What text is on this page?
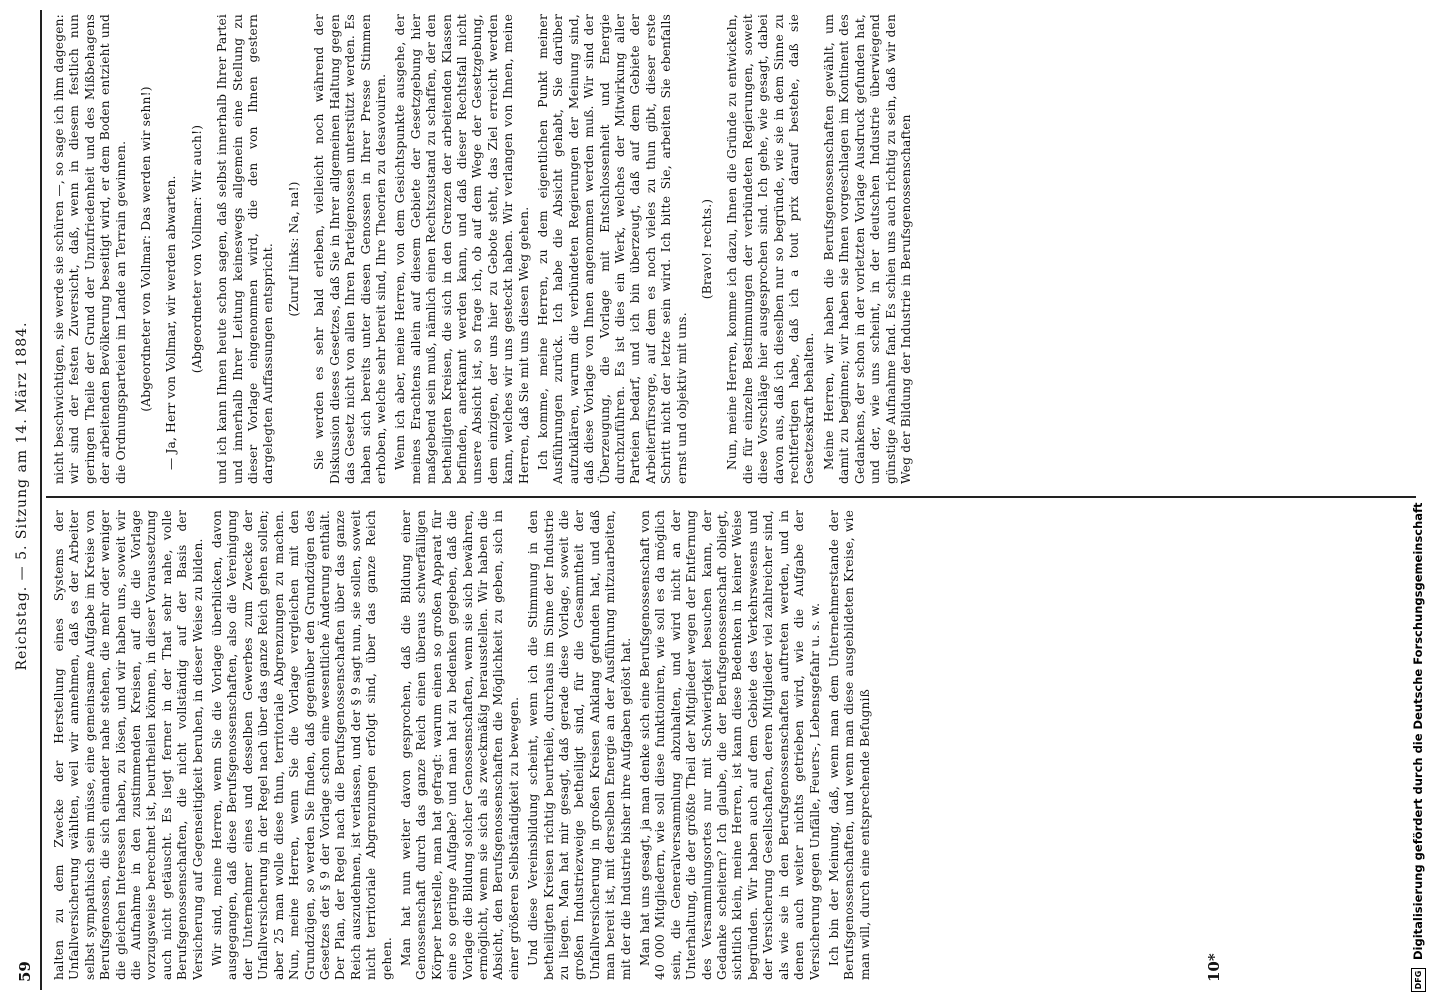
59
Reichstag. — 5. Sitzung am 14. März 1884.

halten zu dem Zwecke der Herstellung eines Systems der Unfallversicherung wählten, weil wir annehmen, daß es der Arbeiter selbst sympathisch sein müsse, eine gemeinsame Aufgabe im Kreise von Berufsgenossen, die sich einander nahe stehen, die mehr oder weniger die gleichen Interessen haben, zu lösen, und wir haben uns, soweit wir die Aufnahme in den zustimmenden Kreisen, auf die die Vorlage vorzugsweise berechnet ist, beurtheilen können, in dieser Voraussetzung auch nicht getäuscht. Es liegt ferner in der That sehr nahe, volle Berufsgenossenschaften, die nicht vollständig auf der Basis der Versicherung auf Gegenseitigkeit beruhen, in dieser Weise zu bilden. Wir sind, meine Herren, wenn Sie die Vorlage überblicken, davon ausgegangen, daß diese Berufsgenossenschaften, also die Vereinigung der Unternehmer eines und desselben Gewerbes zum Zwecke der Unfallversicherung in der Regel nach über das ganze Reich gehen sollen; aber 25 man wolle diese thun, territoriale Abgrenzungen zu machen. Nun, meine Herren, wenn Sie die Vorlage vergleichen mit den Grundzügen, so werden Sie finden, daß gegenüber den Grundzügen des Gesetzes der § 9 der Vorlage schon eine wesentliche Änderung enthält. Der Plan, der Regel nach die Berufsgenossenschaften über das ganze Reich auszudehnen, ist verlassen, und der § 9 sagt nun, sie sollen, soweit nicht territoriale Abgrenzungen erfolgt sind, über das ganze Reich gehen. Man hat nun weiter davon gesprochen, daß die Bildung einer Genossenschaft durch das ganze Reich einen überaus schwerfälligen Körper herstelle, man hat gefragt: warum einen so großen Apparat für eine so geringe Aufgabe? und man hat zu bedenken gegeben, daß die Vorlage die Bildung solcher Genossenschaften, wenn sie sich bewähren, ermöglicht, wenn sie sich als zweckmäßig herausstellen. Wir haben die Absicht, den Berufsgenossenschaften die Möglichkeit zu geben, sich in einer größeren Selbständigkeit zu bewegen. Und diese Vereinsbildung scheint, wenn ich die Stimmung in den betheiligten Kreisen richtig beurtheile, durchaus im Sinne der Industrie zu liegen. Man hat mir gesagt, daß gerade diese Vorlage, soweit die großen Industriezweige betheiligt sind, für die Gesammtheit der Unfallversicherung in großen Kreisen Anklang gefunden hat, und daß man bereit ist, mit derselben Energie an der Ausführung mitzuarbeiten, mit der die Industrie bisher ihre Aufgaben gelöst hat. Man hat uns gesagt, ja man denke sich eine Berufsgenossenschaft von 40 000 Mitgliedern, wie soll diese funktioniren, wie soll es da möglich sein, die Generalversammlung abzuhalten, und wird nicht an der Unterhaltung, die der größte Theil der Mitglieder wegen der Entfernung des Versammlungsortes nur mit Schwierigkeit besuchen kann, der Gedanke scheitern? Ich glaube, die der Berufsgenossenschaft obliegt, sichtlich klein, meine Herren, ist kann diese Bedenken in keiner Weise begründen. Wir haben auch auf dem Gebiete des Verkehrswesens und der Versicherung Gesellschaften, deren Mitglieder viel zahlreicher sind, als wie sie in den Berufsgenossenschaften auftreten werden, und in denen auch weiter nichts getrieben wird, wie die Aufgabe der Versicherung gegen Unfälle, Feuers-, Lebensgefahr u. s. w. Ich bin der Meinung, daß, wenn man dem Unternehmerstande der Berufsgenossenschaften, und wenn man diese ausgebildeten Kreise, wie man will, durch eine entsprechende Befugniß

nicht beschwichtigen, sie werde sie schüren —, so sage ich ihm dagegen: wir sind der festen Zuversicht, daß, wenn in diesem festlich nun geringen Theile der Grund der Unzufriedenheit und des Mißbehagens der arbeitenden Bevölkerung beseitigt wird, er dem Boden entzieht und die Ordnungsparteien im Lande an Terrain gewinnen. (Abgeordneter von Vollmar: Das werden wir sehn!) — Ja, Herr von Vollmar, wir werden abwarten. (Abgeordneter von Vollmar: Wir auch!) und ich kann Ihnen heute schon sagen, daß selbst innerhalb Ihrer Partei und innerhalb Ihrer Leitung keineswegs allgemein eine Stellung zu dieser Vorlage eingenommen wird, die den von Ihnen gestern dargelegten Auffassungen entspricht. (Zuruf links: Na, na!) Sie werden es sehr bald erleben, vielleicht noch während der Diskussion dieses Gesetzes, daß Sie in Ihrer allgemeinen Haltung gegen das Gesetz nicht von allen Ihren Parteigenossen unterstützt werden. Es haben sich bereits unter diesen Genossen in Ihrer Presse Stimmen erhoben, welche sehr bereit sind, Ihre Theorien zu desavouiren. Wenn ich aber, meine Herren, von dem Gesichtspunkte ausgehe, der meines Erachtens allein auf diesem Gebiete der Gesetzgebung hier maßgebend sein muß, nämlich einen Rechtszustand zu schaffen, der den betheiligten Kreisen, die sich in den Grenzen der arbeitenden Klassen befinden, anerkannt werden kann, und daß dieser Rechtsfall nicht unsere Absicht ist, so frage ich, ob auf dem Wege der Gesetzgebung, dem einzigen, der uns hier zu Gebote steht, das Ziel erreicht werden kann, welches wir uns gesteckt haben. Wir verlangen von Ihnen, meine Herren, daß Sie mit uns diesen Weg gehen. Ich komme, meine Herren, zu dem eigentlichen Punkt meiner Ausführungen zurück. Ich habe die Absicht gehabt, Sie darüber aufzuklären, warum die verbündeten Regierungen der Meinung sind, daß diese Vorlage von Ihnen angenommen werden muß. Wir sind der Überzeugung, die Vorlage mit Entschlossenheit und Energie durchzuführen. Es ist dies ein Werk, welches der Mitwirkung aller Parteien bedarf, und ich bin überzeugt, daß auf dem Gebiete der Arbeiterfürsorge, auf dem es noch vieles zu thun gibt, dieser erste Schritt nicht der letzte sein wird. Ich bitte Sie, arbeiten Sie ebenfalls ernst und objektiv mit uns.

(Bravo! rechts.) Nun, meine Herren, komme ich dazu, Ihnen die Gründe zu entwickeln, die für einzelne Bestimmungen der verbündeten Regierungen, soweit diese Vorschläge hier ausgesprochen sind. Ich gehe, wie gesagt, dabei davon aus, daß ich dieselben nur so begründe, wie sie in dem Sinne zu rechtfertigen habe, daß ich a tout prix darauf bestehe, daß sie Gesetzeskraft behalten. Meine Herren, wir haben die Berufsgenossenschaften gewählt, um damit zu beginnen; wir haben sie Ihnen vorgeschlagen im Kontinent des Gedankens, der schon in der vorletzten Vorlage Ausdruck gefunden hat, und der, wie uns scheint, in der deutschen Industrie überwiegend günstige Aufnahme fand. Es schien uns auch richtig zu sein, daß wir den Weg der Bildung der Industrie in Berufsgenossenschaften

10*	DFG
Digitalisierung gefördert durch die Deutsche Forschungsgemeinschaft
